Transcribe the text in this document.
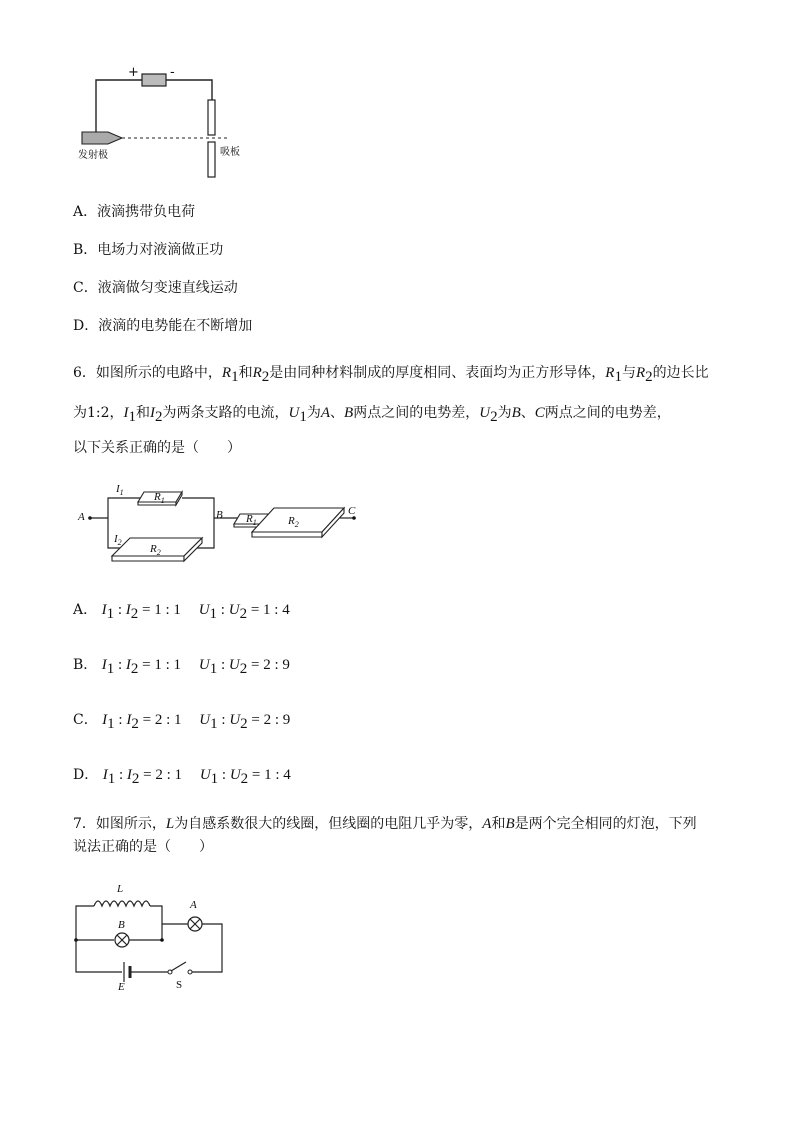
+ -
发射极	吸板
A．液滴携带负电荷
B．电场力对液滴做正功
C．液滴做匀变速直线运动
D．液滴的电势能在不断增加
6．如图所示的电路中，$R_1$和$R_2$是由同种材料制成的厚度相同、表面均为正方形导体，$R_1$与$R_2$的边长比
为1:2，$I_1$和$I_2$为两条支路的电流，$U_1$为A、B两点之间的电势差，$U_2$为B、C两点之间的电势差，
以下关系正确的是（　　）
A
$I_1$
$I_2$
$R_1$
$R_2$
B $R_1$	$R_2$
C
A． $I_1$ : $I_2 = 1$ : 1 $U_1$ : $U_2 = 1$ : 4
B． $I_1$ : $I_2 = 1$ : 1 $U_1$ : $U_2 = 2$ : 9
C． $I_1$ : $I_2 = 2$ : 1 $U_1$ : $U_2 = 2$ : 9
D． $I_1$ : $I_2 = 2$ : 1 $U_1$ : $U_2 = 1$ : 4
7．如图所示，L为自感系数很大的线圈，但线圈的电阻几乎为零，A和B是两个完全相同的灯泡，下列
说法正确的是（　　）
L
A
B
E	S
